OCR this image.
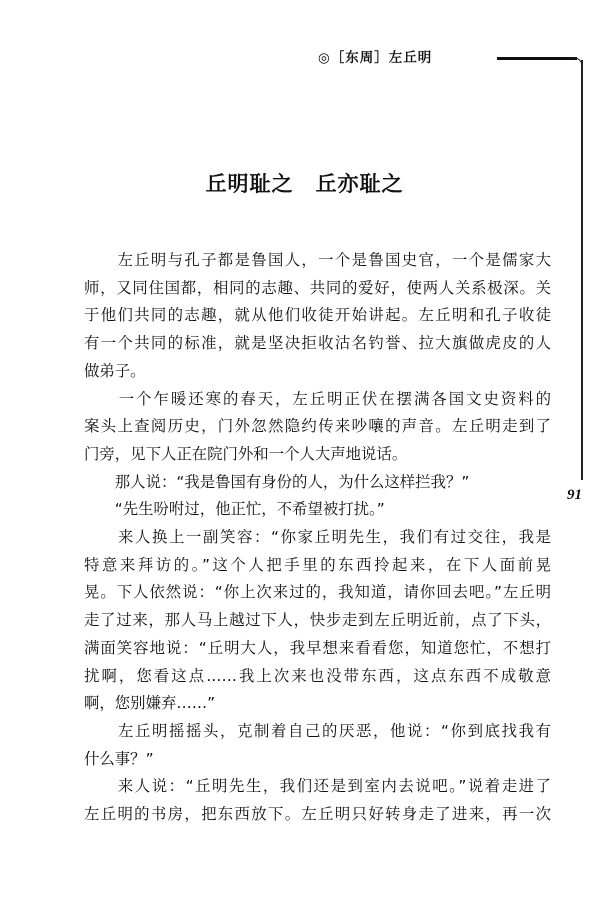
◎［东周］左丘明
91
丘明耻之　丘亦耻之
　　左丘明与孔子都是鲁国人，一个是鲁国史官，一个是儒家大
师，又同住国都，相同的志趣、共同的爱好，使两人关系极深。关
于他们共同的志趣，就从他们收徒开始讲起。左丘明和孔子收徒
有一个共同的标准，就是坚决拒收沽名钓誉、拉大旗做虎皮的人
做弟子。
　　一个乍暖还寒的春天，左丘明正伏在摆满各国文史资料的
案头上查阅历史，门外忽然隐约传来吵嚷的声音。左丘明走到了
门旁，见下人正在院门外和一个人大声地说话。
　　那人说：“我是鲁国有身份的人，为什么这样拦我？”
　　“先生吩咐过，他正忙，不希望被打扰。”
　　来人换上一副笑容：“你家丘明先生，我们有过交往，我是
特意来拜访的。”这个人把手里的东西拎起来，在下人面前晃
晃。下人依然说：“你上次来过的，我知道，请你回去吧。”左丘明
走了过来，那人马上越过下人，快步走到左丘明近前，点了下头，
满面笑容地说：“丘明大人，我早想来看看您，知道您忙，不想打
扰啊，您看这点……我上次来也没带东西，这点东西不成敬意
啊，您别嫌弃……”
　　左丘明摇摇头，克制着自己的厌恶，他说：“你到底找我有
什么事？”
　　来人说：“丘明先生，我们还是到室内去说吧。”说着走进了
左丘明的书房，把东西放下。左丘明只好转身走了进来，再一次
